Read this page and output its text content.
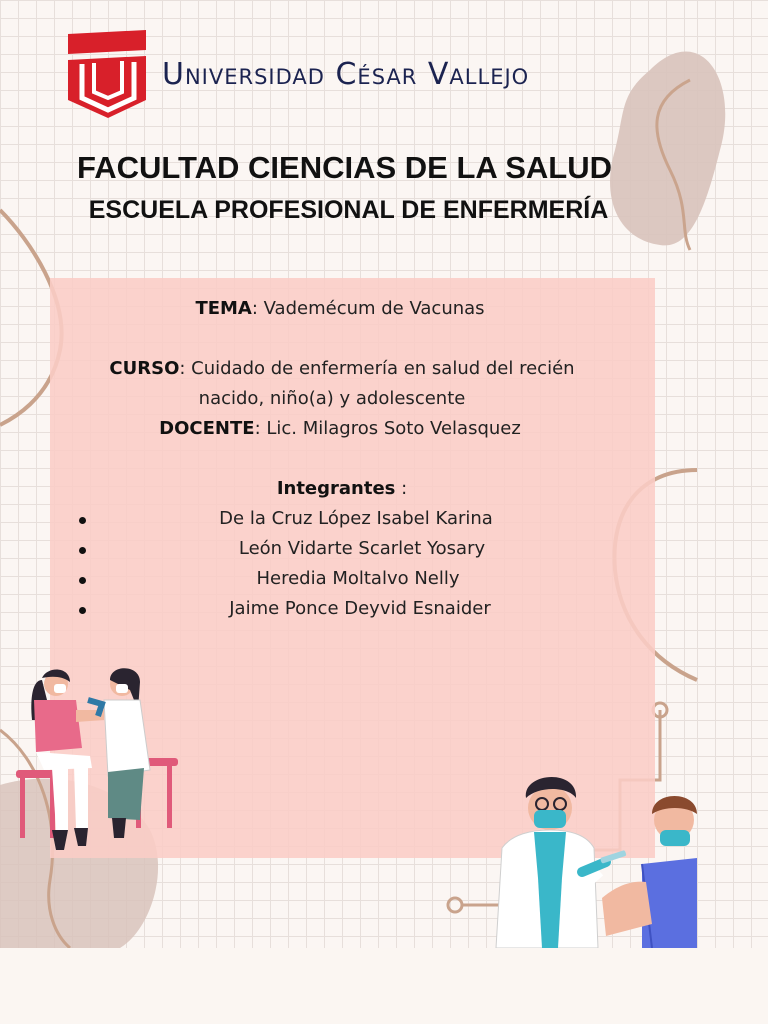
Universidad César Vallejo
FACULTAD CIENCIAS DE LA SALUD
ESCUELA PROFESIONAL DE ENFERMERÍA
TEMA: Vademécum de Vacunas
CURSO: Cuidado de enfermería en salud del recién
nacido, niño(a) y adolescente
DOCENTE: Lic. Milagros Soto Velasquez
Integrantes :
De la Cruz López Isabel Karina
León Vidarte Scarlet Yosary
Heredia Moltalvo Nelly
Jaime Ponce Deyvid Esnaider
